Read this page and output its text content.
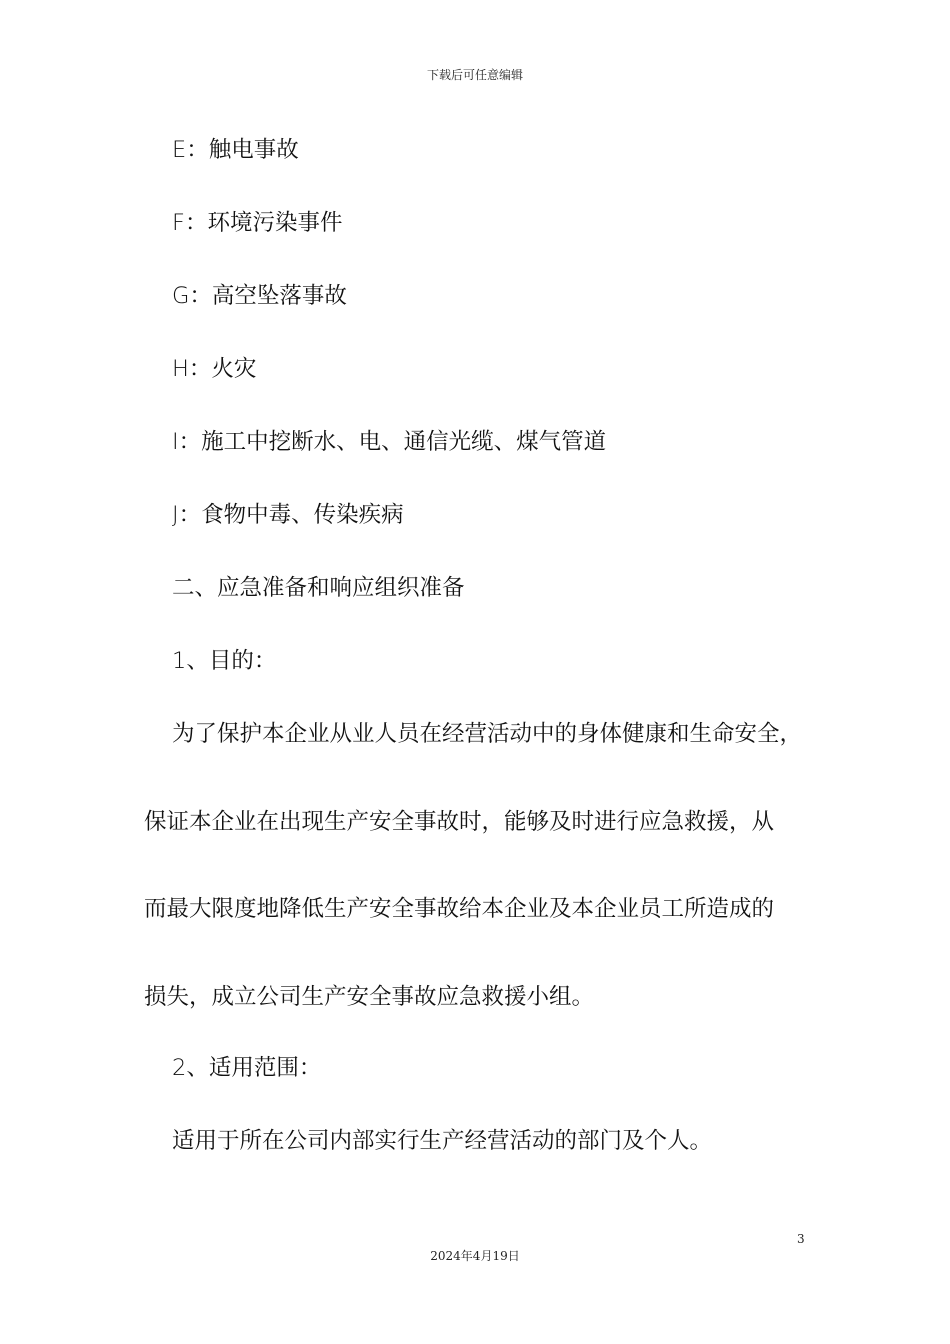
下载后可任意编辑
E：触电事故
F：环境污染事件
G：高空坠落事故
H：火灾
I：施工中挖断水、电、通信光缆、煤气管道
J：食物中毒、传染疾病
二、应急准备和响应组织准备
1、目的：
为了保护本企业从业人员在经营活动中的身体健康和生命安全，
保证本企业在出现生产安全事故时，能够及时进行应急救援，从
而最大限度地降低生产安全事故给本企业及本企业员工所造成的
损失，成立公司生产安全事故应急救援小组。
2、适用范围：
适用于所在公司内部实行生产经营活动的部门及个人。
3
2024年4月19日
